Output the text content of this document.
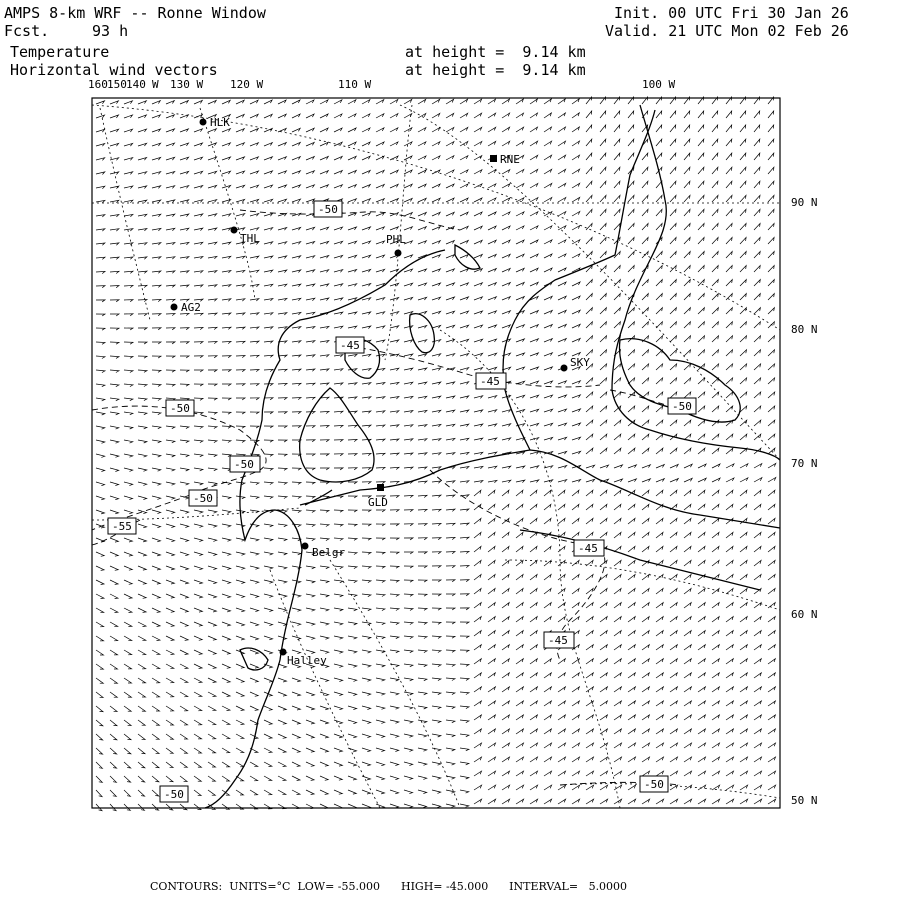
AMPS 8-km WRF -- Ronne Window
Fcst.	93 h
Temperature
Horizontal wind vectors
at height =  9.14 km
at height =  9.14 km
Init. 00 UTC Fri 30 Jan 26
Valid. 21 UTC Mon 02 Feb 26
160 150 140 W 130 W 120 W	110 W	100 W
90 N
80 N
70 N
60 N
50 N
HLK
RNE
THL	PHL
AG2
SKY
GLD
Belgr
Halley
-50
-45
-45
-50
-50
-50
-55
-45
-45
-50
-50
-50
CONTOURS:  UNITS=°C  LOW= -55.000      HIGH= -45.000      INTERVAL=   5.0000
